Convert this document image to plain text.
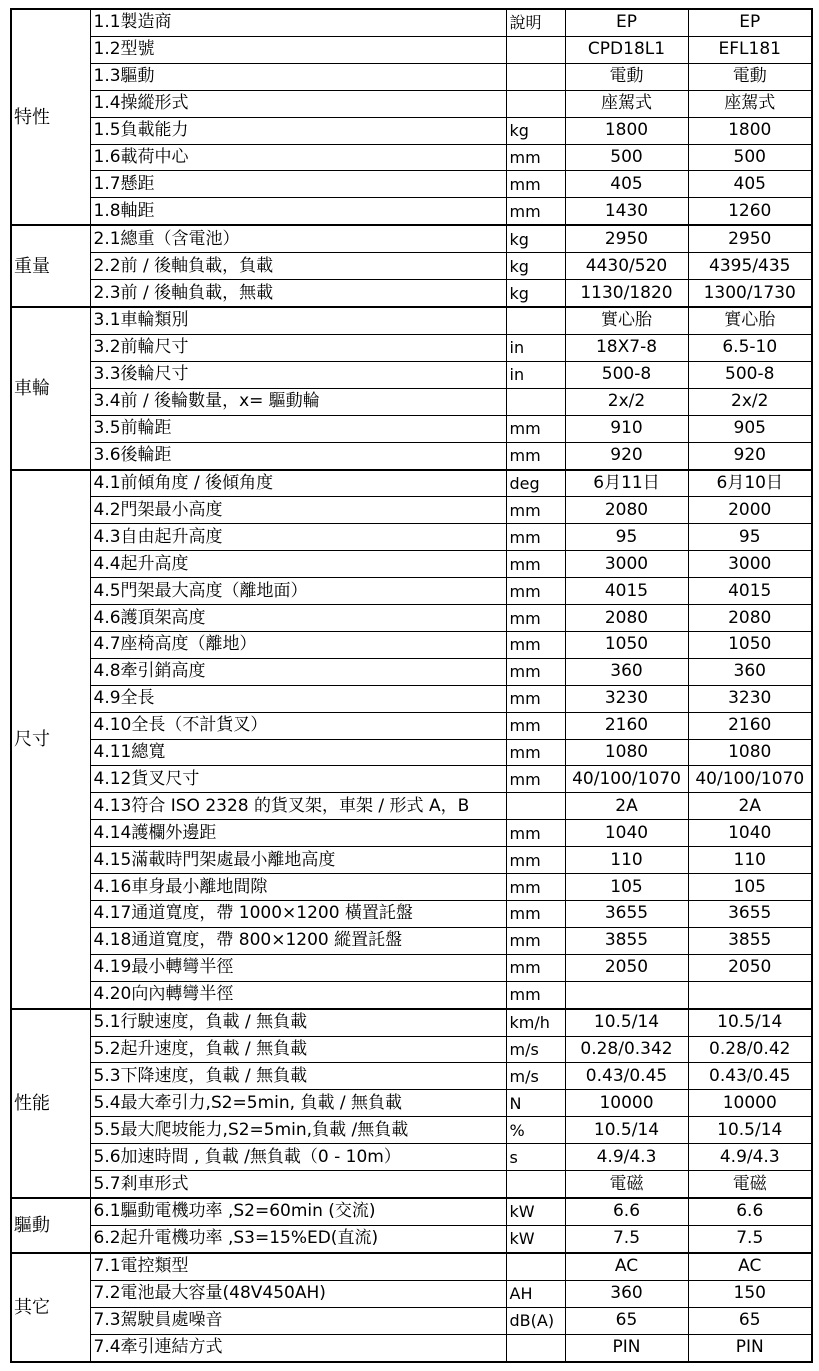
特性	1.1製造商	說明	EP	EP
	1.2型號		CPD18L1	EFL181
	1.3驅動		電動	電動
	1.4操縱形式		座駕式	座駕式
	1.5負載能力	kg	1800	1800
	1.6載荷中心	mm	500	500
	1.7懸距	mm	405	405
	1.8軸距	mm	1430	1260
重量	2.1總重（含電池）	kg	2950	2950
	2.2前 / 後軸負載，負載	kg	4430/520	4395/435
	2.3前 / 後軸負載，無載	kg	1130/1820	1300/1730
車輪	3.1車輪類別		實心胎	實心胎
	3.2前輪尺寸	in	18X7-8	6.5-10
	3.3後輪尺寸	in	500-8	500-8
	3.4前 / 後輪數量，x= 驅動輪		2x/2	2x/2
	3.5前輪距	mm	910	905
	3.6後輪距	mm	920	920
尺寸	4.1前傾角度 / 後傾角度	deg	6月11日	6月10日
	4.2門架最小高度	mm	2080	2000
	4.3自由起升高度	mm	95	95
	4.4起升高度	mm	3000	3000
	4.5門架最大高度（離地面）	mm	4015	4015
	4.6護頂架高度	mm	2080	2080
	4.7座椅高度（離地）	mm	1050	1050
	4.8牽引銷高度	mm	360	360
	4.9全長	mm	3230	3230
	4.10全長（不計貨叉）	mm	2160	2160
	4.11總寬	mm	1080	1080
	4.12貨叉尺寸	mm	40/100/1070	40/100/1070
	4.13符合 ISO 2328 的貨叉架，車架 / 形式 A，B		2A	2A
	4.14護欄外邊距	mm	1040	1040
	4.15滿載時門架處最小離地高度	mm	110	110
	4.16車身最小離地間隙	mm	105	105
	4.17通道寬度，帶 1000×1200 橫置託盤	mm	3655	3655
	4.18通道寬度，帶 800×1200 縱置託盤	mm	3855	3855
	4.19最小轉彎半徑	mm	2050	2050
	4.20向內轉彎半徑	mm		
性能	5.1行駛速度，負載 / 無負載	km/h	10.5/14	10.5/14
	5.2起升速度，負載 / 無負載	m/s	0.28/0.342	0.28/0.42
	5.3下降速度，負載 / 無負載	m/s	0.43/0.45	0.43/0.45
	5.4最大牽引力,S2=5min, 負載 / 無負載	N	10000	10000
	5.5最大爬坡能力,S2=5min,負載 /無負載	%	10.5/14	10.5/14
	5.6加速時間 , 負載 /無負載（0 - 10m）	s	4.9/4.3	4.9/4.3
	5.7剎車形式		電磁	電磁
驅動	6.1驅動電機功率 ,S2=60min (交流)	kW	6.6	6.6
	6.2起升電機功率 ,S3=15%ED(直流)	kW	7.5	7.5
其它	7.1電控類型		AC	AC
	7.2電池最大容量(48V450AH)	AH	360	150
	7.3駕駛員處噪音	dB(A)	65	65
	7.4牽引連結方式		PIN	PIN
